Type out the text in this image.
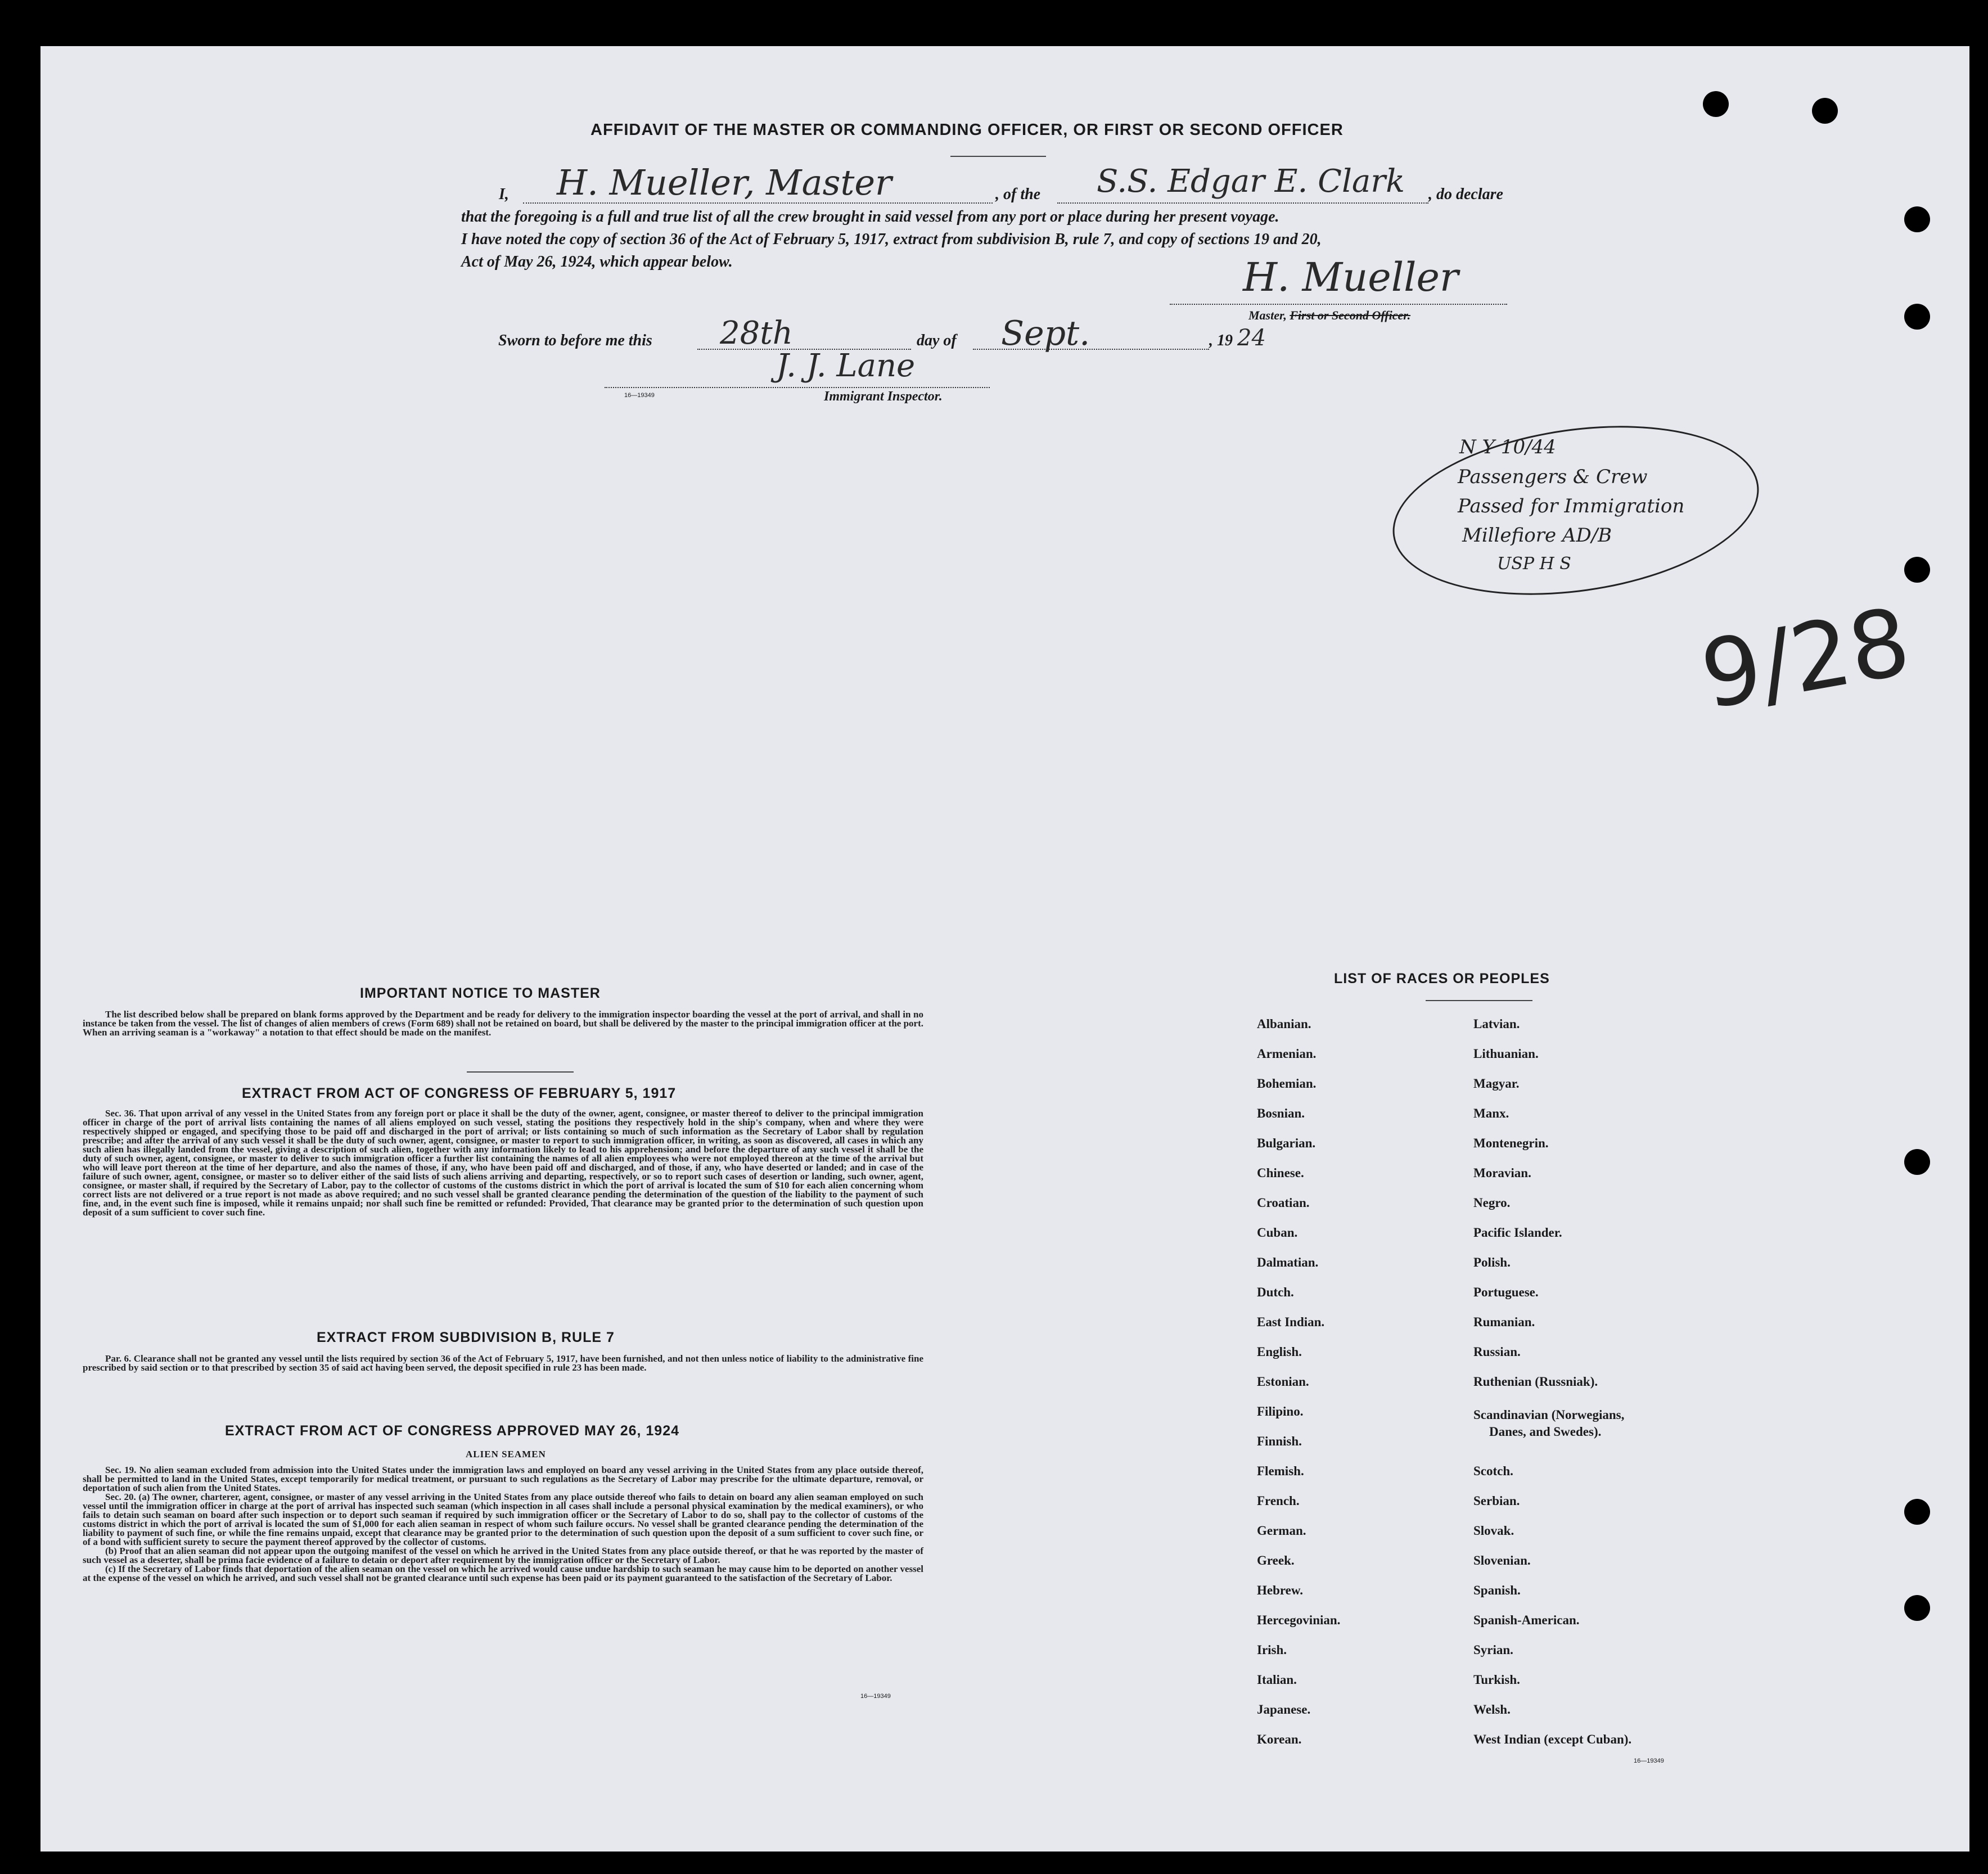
AFFIDAVIT OF THE MASTER OR COMMANDING OFFICER, OR FIRST OR SECOND OFFICER
I, H. Mueller, Master	, of the S.S. Edgar E. Clark , do declare
that the foregoing is a full and true list of all the crew brought in said vessel from any port or place during her present voyage.
I have noted the copy of section 36 of the Act of February 5, 1917, extract from subdivision B, rule 7, and copy of sections 19 and 20,
Act of May 26, 1924, which appear below.	H. Mueller
Master, First or Second Officer.
Sworn to before me this 28th	day of Sept.	, 19 24
J. J. Lane
16—19349	Immigrant Inspector.
N Y 10/44
Passengers & Crew
Passed for Immigration
Millefiore AD/B
USP H S
9/28
IMPORTANT NOTICE TO MASTER

The list described below shall be prepared on blank forms approved by the Department and be ready for delivery to the immigration inspector boarding the vessel at the port of arrival, and shall in no instance be taken from the vessel. The list of changes of alien members of crews (Form 689) shall not be retained on board, but shall be delivered by the master to the principal immigration officer at the port. When an arriving seaman is a "workaway" a notation to that effect should be made on the manifest.

EXTRACT FROM ACT OF CONGRESS OF FEBRUARY 5, 1917

Sec. 36. That upon arrival of any vessel in the United States from any foreign port or place it shall be the duty of the owner, agent, consignee, or master thereof to deliver to the principal immigration officer in charge of the port of arrival lists containing the names of all aliens employed on such vessel, stating the positions they respectively hold in the ship's company, when and where they were respectively shipped or engaged, and specifying those to be paid off and discharged in the port of arrival; or lists containing so much of such information as the Secretary of Labor shall by regulation prescribe; and after the arrival of any such vessel it shall be the duty of such owner, agent, consignee, or master to report to such immigration officer, in writing, as soon as discovered, all cases in which any such alien has illegally landed from the vessel, giving a description of such alien, together with any information likely to lead to his apprehension; and before the departure of any such vessel it shall be the duty of such owner, agent, consignee, or master to deliver to such immigration officer a further list containing the names of all alien employees who were not employed thereon at the time of the arrival but who will leave port thereon at the time of her departure, and also the names of those, if any, who have been paid off and discharged, and of those, if any, who have deserted or landed; and in case of the failure of such owner, agent, consignee, or master so to deliver either of the said lists of such aliens arriving and departing, respectively, or so to report such cases of desertion or landing, such owner, agent, consignee, or master shall, if required by the Secretary of Labor, pay to the collector of customs of the customs district in which the port of arrival is located the sum of $10 for each alien concerning whom correct lists are not delivered or a true report is not made as above required; and no such vessel shall be granted clearance pending the determination of the question of the liability to the payment of such fine, and, in the event such fine is imposed, while it remains unpaid; nor shall such fine be remitted or refunded: Provided, That clearance may be granted prior to the determination of such question upon deposit of a sum sufficient to cover such fine.

EXTRACT FROM SUBDIVISION B, RULE 7

Par. 6. Clearance shall not be granted any vessel until the lists required by section 36 of the Act of February 5, 1917, have been furnished, and not then unless notice of liability to the administrative fine prescribed by said section or to that prescribed by section 35 of said act having been served, the deposit specified in rule 23 has been made.

EXTRACT FROM ACT OF CONGRESS APPROVED MAY 26, 1924
ALIEN SEAMEN

Sec. 19. No alien seaman excluded from admission into the United States under the immigration laws and employed on board any vessel arriving in the United States from any place outside thereof, shall be permitted to land in the United States, except temporarily for medical treatment, or pursuant to such regulations as the Secretary of Labor may prescribe for the ultimate departure, removal, or deportation of such alien from the United States.

Sec. 20. (a) The owner, charterer, agent, consignee, or master of any vessel arriving in the United States from any place outside thereof who fails to detain on board any alien seaman employed on such vessel until the immigration officer in charge at the port of arrival has inspected such seaman (which inspection in all cases shall include a personal physical examination by the medical examiners), or who fails to detain such seaman on board after such inspection or to deport such seaman if required by such immigration officer or the Secretary of Labor to do so, shall pay to the collector of customs of the customs district in which the port of arrival is located the sum of $1,000 for each alien seaman in respect of whom such failure occurs. No vessel shall be granted clearance pending the determination of the liability to payment of such fine, or while the fine remains unpaid, except that clearance may be granted prior to the determination of such question upon the deposit of a sum sufficient to cover such fine, or of a bond with sufficient surety to secure the payment thereof approved by the collector of customs.

(b) Proof that an alien seaman did not appear upon the outgoing manifest of the vessel on which he arrived in the United States from any place outside thereof, or that he was reported by the master of such vessel as a deserter, shall be prima facie evidence of a failure to detain or deport after requirement by the immigration officer or the Secretary of Labor.

(c) If the Secretary of Labor finds that deportation of the alien seaman on the vessel on which he arrived would cause undue hardship to such seaman he may cause him to be deported on another vessel at the expense of the vessel on which he arrived, and such vessel shall not be granted clearance until such expense has been paid or its payment guaranteed to the satisfaction of the Secretary of Labor.

16—19349
LIST OF RACES OR PEOPLES
Albanian.
Armenian.
Bohemian.
Bosnian.
Bulgarian.
Chinese.
Croatian.
Cuban.
Dalmatian.
Dutch.
East Indian.
English.
Estonian.
Filipino.
Finnish.
Flemish.
French.
German.
Greek.
Hebrew.
Hercegovinian.
Irish.
Italian.
Japanese.
Korean.
Latvian.
Lithuanian.
Magyar.
Manx.
Montenegrin.
Moravian.
Negro.
Pacific Islander.
Polish.
Portuguese.
Rumanian.
Russian.
Ruthenian (Russniak).
Scandinavian (Norwegians,
Danes, and Swedes).
Scotch.
Serbian.
Slovak.
Slovenian.
Spanish.
Spanish-American.
Syrian.
Turkish.
Welsh.
West Indian (except Cuban).
16—19349
